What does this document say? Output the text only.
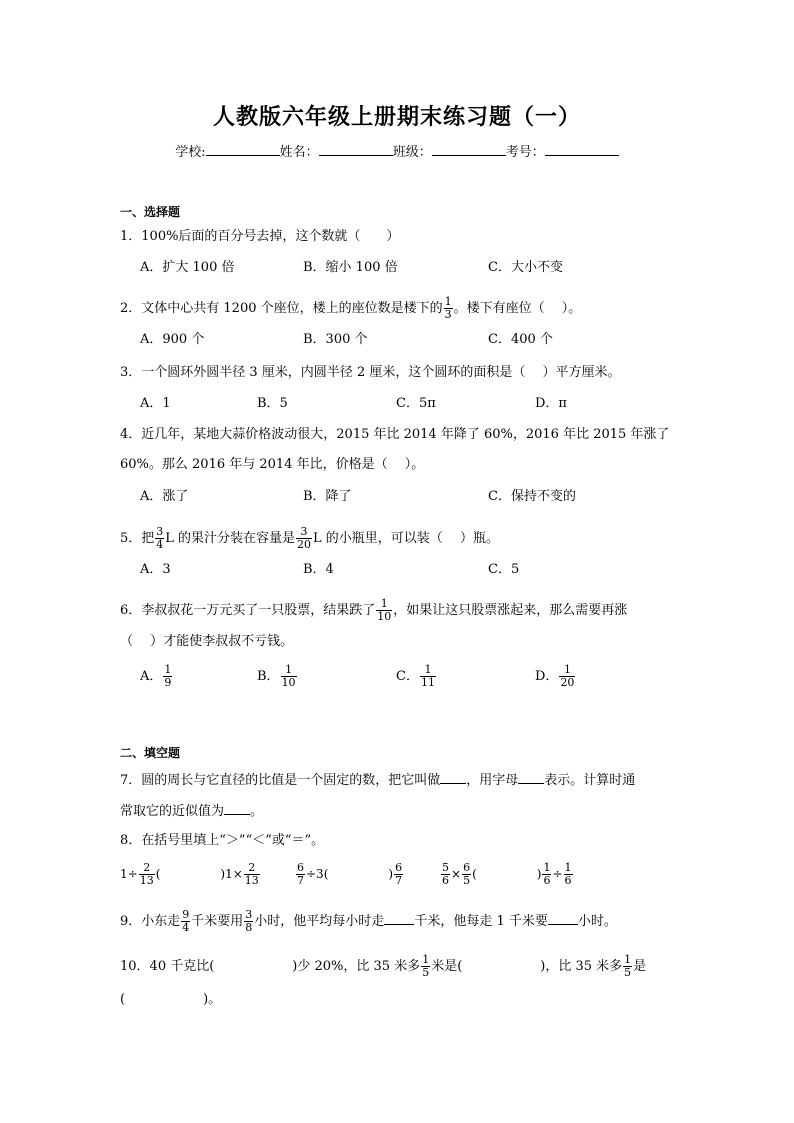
人教版六年级上册期末练习题（一）
学校:	姓名：	班级：	考号：
一、选择题
1．100%后面的百分号去掉，这个数就（　　）
A．扩大 100 倍	B．缩小 100 倍	C．大小不变
2．文体中心共有 1200 个座位，楼上的座位数是楼下的 $\frac{1}{3}$ 。楼下有座位（　 ）。
A．900 个	B．300 个	C．400 个
3．一个圆环外圆半径 3 厘米，内圆半径 2 厘米，这个圆环的面积是（　 ）平方厘米。
A．1	B．5	C．5π	D．π
4．近几年，某地大蒜价格波动很大，2015 年比 2014 年降了 60%，2016 年比 2015 年涨了
60%。那么 2016 年与 2014 年比，价格是（　 ）。
A．涨了	B．降了	C．保持不变的
5．把 $\frac{3}{4}$ L 的果汁分装在容量是 $\frac{3}{20}$ L 的小瓶里，可以装（　 ）瓶。
A．3	B．4	C．5
6．李叔叔花一万元买了一只股票，结果跌了 $\frac{1}{10}$ ，如果让这只股票涨起来，那么需要再涨
（　 ）才能使李叔叔不亏钱。
A． $\frac{1}{9}$	B． $\frac{1}{10}$	C． $\frac{1}{11}$	D． $\frac{1}{20}$
二、填空题
7．圆的周长与它直径的比值是一个固定的数，把它叫做 ，用字母 表示。计算时通
常取它的近似值为 。
8．在括号里填上“＞”“＜”或“＝”。
$1\div \frac{2}{13}$ (　　　　　)$1\times \frac{2}{13}$	$\frac{6}{7} \div 3$(　　　　　) $\frac{6}{7}$	$\frac{5}{6} \times \frac{6}{5}$ (　　　　　) $\frac{1}{6} \div \frac{1}{6}$
9．小东走 $\frac{9}{4}$ 千米要用 $\frac{3}{8}$ 小时，他平均每小时走 千米，他每走 1 千米要 小时。
10．40 千克比(　　　　　　)少 20%，比 35 米多 $\frac{1}{5}$ 米是(　　　　　　)，比 35 米多 $\frac{1}{5}$ 是
(　　　　　　)。
